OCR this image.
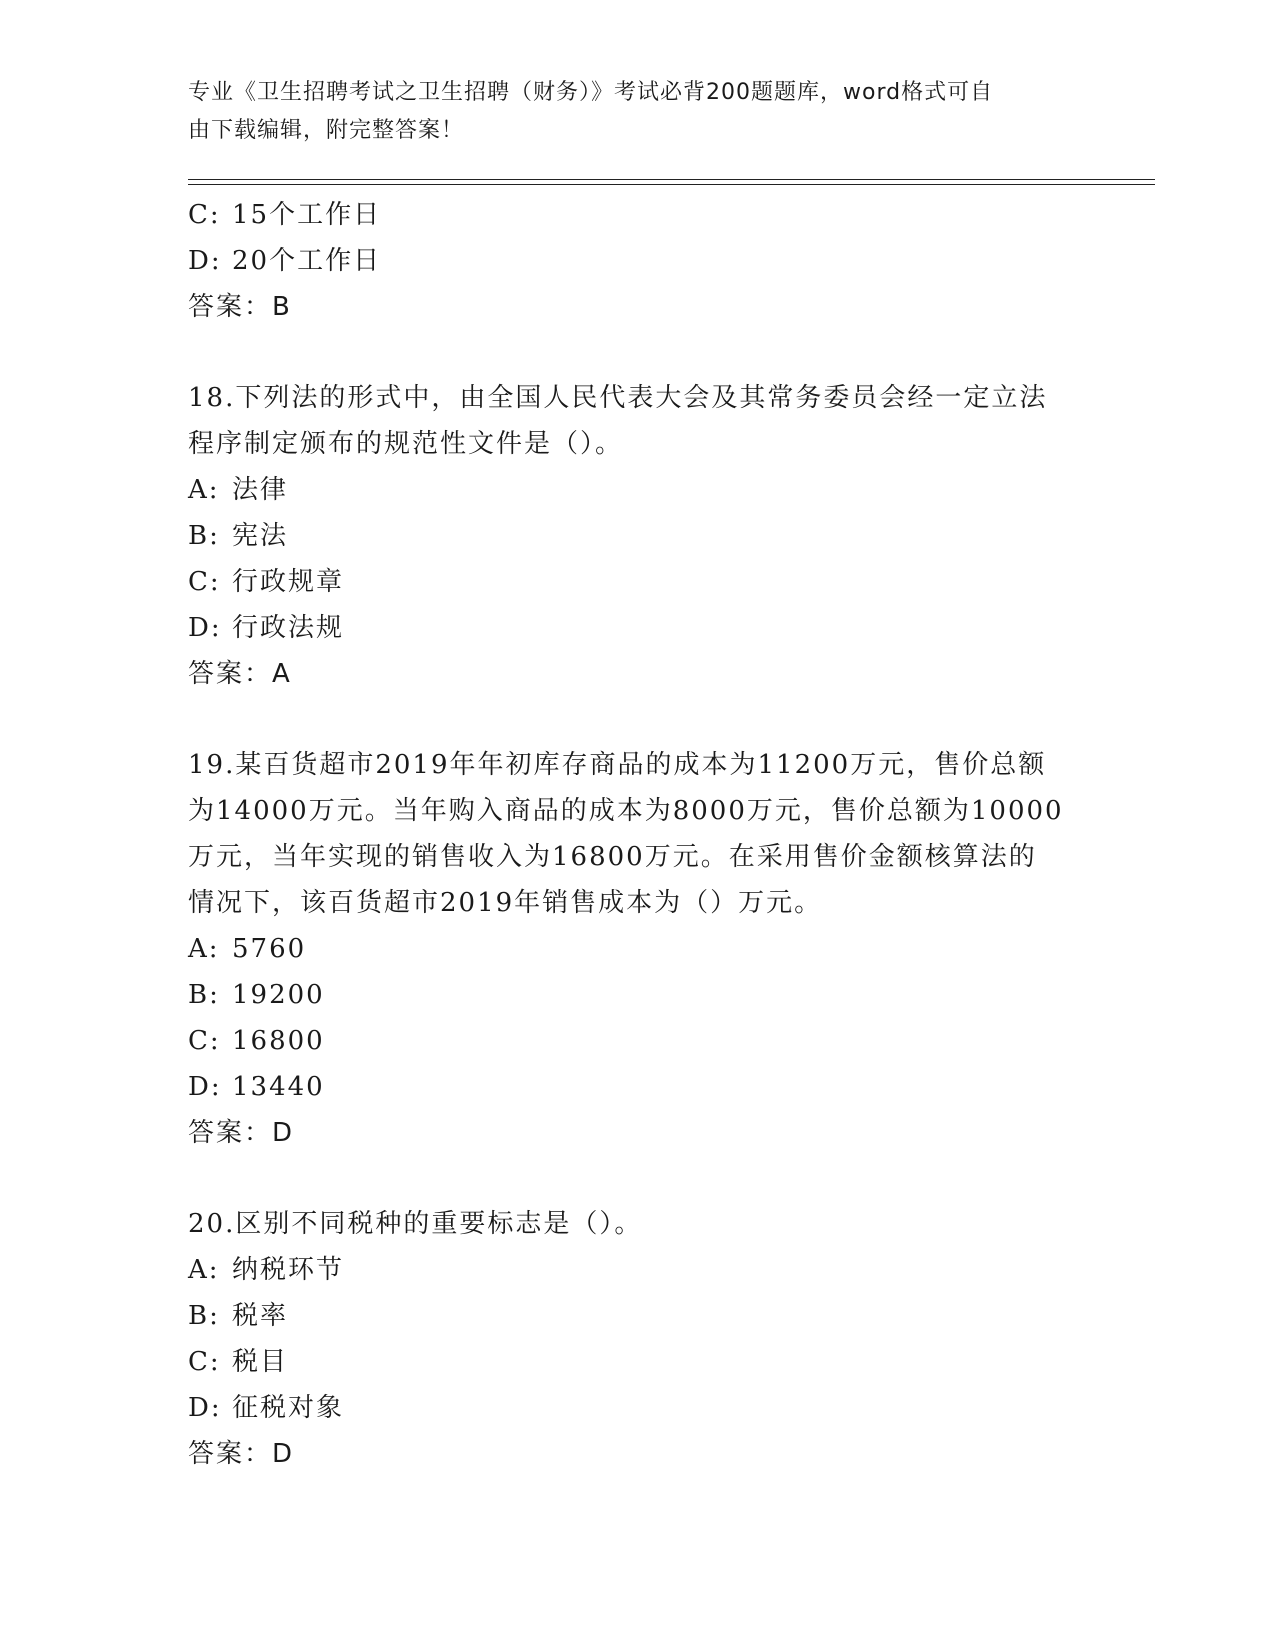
专业《卫生招聘考试之卫生招聘（财务）》考试必背200题题库，word格式可自
由下载编辑，附完整答案！
C: 15个工作日
D: 20个工作日
答案：B
18.下列法的形式中，由全国人民代表大会及其常务委员会经一定立法
程序制定颁布的规范性文件是（）。
A: 法律
B: 宪法
C: 行政规章
D: 行政法规
答案：A
19.某百货超市2019年年初库存商品的成本为11200万元，售价总额
为14000万元。当年购入商品的成本为8000万元，售价总额为10000
万元，当年实现的销售收入为16800万元。在采用售价金额核算法的
情况下，该百货超市2019年销售成本为（）万元。
A: 5760
B: 19200
C: 16800
D: 13440
答案：D
20.区别不同税种的重要标志是（）。
A: 纳税环节
B: 税率
C: 税目
D: 征税对象
答案：D
